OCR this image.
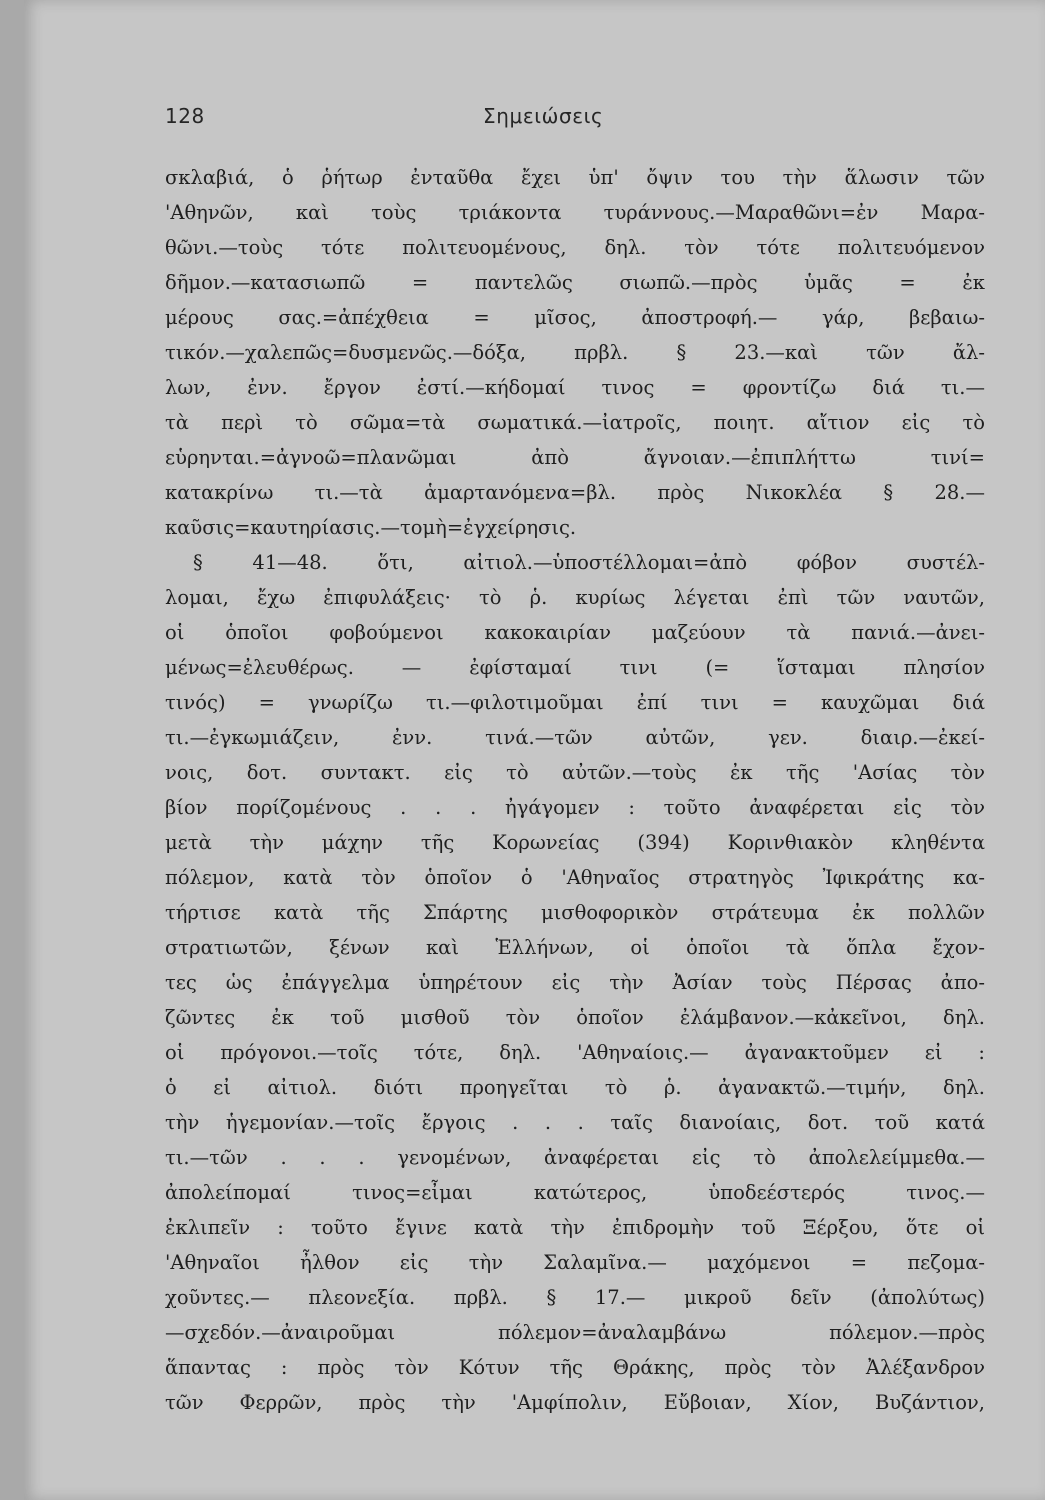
128	Σημειώσεις
σκλαβιά, ὁ ῥήτωρ ἐνταῦθα ἔχει ὑπ' ὄψιν του τὴν ἅλωσιν τῶν
'Αθηνῶν, καὶ τοὺς τριάκοντα τυράννους.—Μαραθῶνι=ἐν Μαρα-
θῶνι.—τοὺς τότε πολιτευομένους, δηλ. τὸν τότε πολιτευόμενον
δῆμον.—κατασιωπῶ = παντελῶς σιωπῶ.—πρὸς ὑμᾶς = ἐκ
μέρους σας.=ἀπέχθεια = μῖσος, ἀποστροφή.— γάρ, βεβαιω-
τικόν.—χαλεπῶς=δυσμενῶς.—δόξα, πρβλ. § 23.—καὶ τῶν ἄλ-
λων, ἐνν. ἔργον ἐστί.—κήδομαί τινος = φροντίζω διά τι.—
τὰ περὶ τὸ σῶμα=τὰ σωματικά.—ἰατροῖς, ποιητ. αἴτιον εἰς τὸ
εὑρηνται.=ἀγνοῶ=πλανῶμαι ἀπὸ ἄγνοιαν.—ἐπιπλήττω τινί=
κατακρίνω τι.—τὰ ἁμαρτανόμενα=βλ. πρὸς Νικοκλέα § 28.—
καῦσις=καυτηρίασις.—τομὴ=ἐγχείρησις.
§ 41—48. ὅτι, αἰτιολ.—ὑποστέλλομαι=ἀπὸ φόβον συστέλ-
λομαι, ἔχω ἐπιφυλάξεις· τὸ ῥ. κυρίως λέγεται ἐπὶ τῶν ναυτῶν,
οἱ ὁποῖοι φοβούμενοι κακοκαιρίαν μαζεύουν τὰ πανιά.—ἀνει-
μένως=ἐλευθέρως. — ἐφίσταμαί τινι (= ἵσταμαι πλησίον
τινός) = γνωρίζω τι.—φιλοτιμοῦμαι ἐπί τινι = καυχῶμαι διά
τι.—ἐγκωμιάζειν, ἐνν. τινά.—τῶν αὐτῶν, γεν. διαιρ.—ἐκεί-
νοις, δοτ. συντακτ. εἰς τὸ αὐτῶν.—τοὺς ἐκ τῆς 'Ασίας τὸν
βίον πορίζομένους . . . ἠγάγομεν : τοῦτο ἀναφέρεται εἰς τὸν
μετὰ τὴν μάχην τῆς Κορωνείας (394) Κορινθιακὸν κληθέντα
πόλεμον, κατὰ τὸν ὁποῖον ὁ 'Αθηναῖος στρατηγὸς Ἰφικράτης κα-
τήρτισε κατὰ τῆς Σπάρτης μισθοφορικὸν στράτευμα ἐκ πολλῶν
στρατιωτῶν, ξένων καὶ Ἑλλήνων, οἱ ὁποῖοι τὰ ὅπλα ἔχον-
τες ὡς ἐπάγγελμα ὑπηρέτουν εἰς τὴν Ἀσίαν τοὺς Πέρσας ἀπο-
ζῶντες ἐκ τοῦ μισθοῦ τὸν ὁποῖον ἐλάμβανον.—κἀκεῖνοι, δηλ.
οἱ πρόγονοι.—τοῖς τότε, δηλ. 'Αθηναίοις.— ἀγανακτοῦμεν εἰ :
ὁ εἰ αἰτιολ. διότι προηγεῖται τὸ ῥ. ἀγανακτῶ.—τιμήν, δηλ.
τὴν ἡγεμονίαν.—τοῖς ἔργοις . . . ταῖς διανοίαις, δοτ. τοῦ κατά
τι.—τῶν . . . γενομένων, ἀναφέρεται εἰς τὸ ἀπολελείμμεθα.—
ἀπολείπομαί τινος=εἶμαι κατώτερος, ὑποδεέστερός τινος.—
ἐκλιπεῖν : τοῦτο ἔγινε κατὰ τὴν ἐπιδρομὴν τοῦ Ξέρξου, ὅτε οἱ
'Αθηναῖοι ἦλθον εἰς τὴν Σαλαμῖνα.— μαχόμενοι = πεζομα-
χοῦντες.— πλεονεξία. πρβλ. § 17.— μικροῦ δεῖν (ἀπολύτως)
—σχεδόν.—ἀναιροῦμαι πόλεμον=ἀναλαμβάνω πόλεμον.—πρὸς
ἅπαντας : πρὸς τὸν Κότυν τῆς Θράκης, πρὸς τὸν Ἀλέξανδρον
τῶν Φερρῶν, πρὸς τὴν 'Αμφίπολιν, Εὔβοιαν, Χίον, Βυζάντιον,
